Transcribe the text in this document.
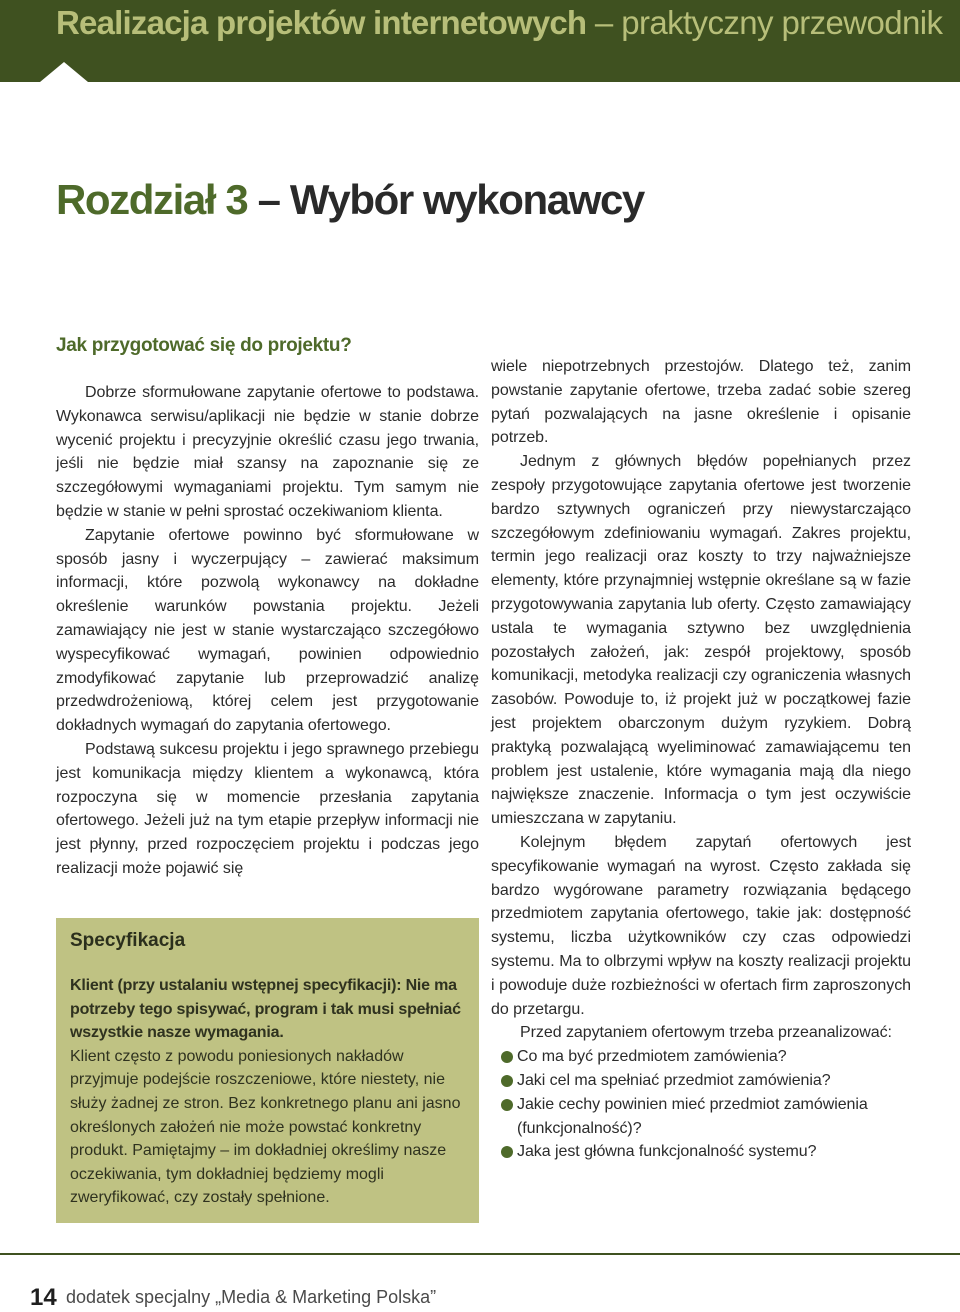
Realizacja projektów internetowych – praktyczny przewodnik
Rozdział 3 – Wybór wykonawcy
Jak przygotować się do projektu?

Dobrze sformułowane zapytanie ofertowe to podstawa. Wykonawca serwisu/aplikacji nie będzie w stanie dobrze wycenić projektu i precyzyjnie określić czasu jego trwania, jeśli nie będzie miał szansy na zapoznanie się ze szczegółowymi wymaganiami projektu. Tym samym nie będzie w stanie w pełni sprostać oczekiwaniom klienta.

Zapytanie ofertowe powinno być sformułowane w sposób jasny i wyczerpujący – zawierać maksimum informacji, które pozwolą wykonawcy na dokładne określenie warunków powstania projektu. Jeżeli zamawiający nie jest w stanie wystarczająco szczegółowo wyspecyfikować wymagań, powinien odpowiednio zmodyfikować zapytanie lub przeprowadzić analizę przedwdrożeniową, której celem jest przygotowanie dokładnych wymagań do zapytania ofertowego.

Podstawą sukcesu projektu i jego sprawnego przebiegu jest komunikacja między klientem a wykonawcą, która rozpoczyna się w momencie przesłania zapytania ofertowego. Jeżeli już na tym etapie przepływ informacji nie jest płynny, przed rozpoczęciem projektu i podczas jego realizacji może pojawić się

Specyfikacja
Klient (przy ustalaniu wstępnej specyfikacji): Nie ma potrzeby tego spisywać, program i tak musi spełniać wszystkie nasze wymagania.
Klient często z powodu poniesionych nakładów przyjmuje podejście roszczeniowe, które niestety, nie służy żadnej ze stron. Bez konkretnego planu ani jasno określonych założeń nie może powstać konkretny produkt. Pamiętajmy – im dokładniej określimy nasze oczekiwania, tym dokładniej będziemy mogli zweryfikować, czy zostały spełnione.

wiele niepotrzebnych przestojów. Dlatego też, zanim powstanie zapytanie ofertowe, trzeba zadać sobie szereg pytań pozwalających na jasne określenie i opisanie potrzeb.

Jednym z głównych błędów popełnianych przez zespoły przygotowujące zapytania ofertowe jest tworzenie bardzo sztywnych ograniczeń przy niewystarczająco szczegółowym zdefiniowaniu wymagań. Zakres projektu, termin jego realizacji oraz koszty to trzy najważniejsze elementy, które przynajmniej wstępnie określane są w fazie przygotowywania zapytania lub oferty. Często zamawiający ustala te wymagania sztywno bez uwzględnienia pozostałych założeń, jak: zespół projektowy, sposób komunikacji, metodyka realizacji czy ograniczenia własnych zasobów. Powoduje to, iż projekt już w początkowej fazie jest projektem obarczonym dużym ryzykiem. Dobrą praktyką pozwalającą wyeliminować zamawiającemu ten problem jest ustalenie, które wymagania mają dla niego największe znaczenie. Informacja o tym jest oczywiście umieszczana w zapytaniu.

Kolejnym błędem zapytań ofertowych jest specyfikowanie wymagań na wyrost. Często zakłada się bardzo wygórowane parametry rozwiązania będącego przedmiotem zapytania ofertowego, takie jak: dostępność systemu, liczba użytkowników czy czas odpowiedzi systemu. Ma to olbrzymi wpływ na koszty realizacji projektu i powoduje duże rozbieżności w ofertach firm zaproszonych do przetargu.

Przed zapytaniem ofertowym trzeba przeanalizować:

Co ma być przedmiotem zamówienia?
Jaki cel ma spełniać przedmiot zamówienia?
Jakie cechy powinien mieć przedmiot zamówienia (funkcjonalność)?
Jaka jest główna funkcjonalność systemu?
14 dodatek specjalny „Media & Marketing Polska”
